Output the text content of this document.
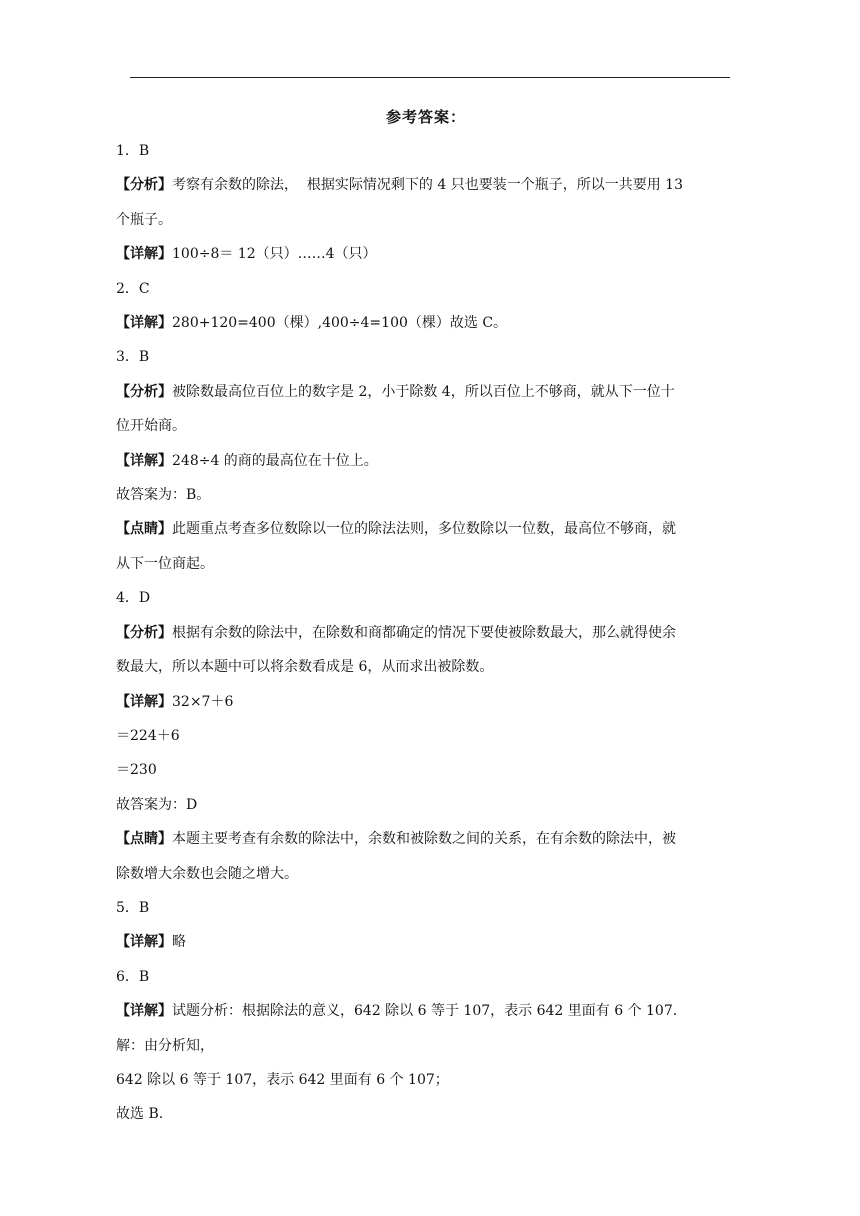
参考答案：
1．B
【分析】考察有余数的除法，  根据实际情况剩下的 4 只也要装一个瓶子，所以一共要用 13
个瓶子。
【详解】100÷8＝ 12（只）……4（只）
2．C
【详解】280+120=400（棵）,400÷4=100（棵）故选 C。
3．B
【分析】被除数最高位百位上的数字是 2，小于除数 4，所以百位上不够商，就从下一位十
位开始商。
【详解】248÷4 的商的最高位在十位上。
故答案为：B。
【点睛】此题重点考查多位数除以一位的除法法则，多位数除以一位数，最高位不够商，就
从下一位商起。
4．D
【分析】根据有余数的除法中，在除数和商都确定的情况下要使被除数最大，那么就得使余
数最大，所以本题中可以将余数看成是 6，从而求出被除数。
【详解】32×7＋6
＝224＋6
＝230
故答案为：D
【点睛】本题主要考查有余数的除法中，余数和被除数之间的关系，在有余数的除法中，被
除数增大余数也会随之增大。
5．B
【详解】略
6．B
【详解】试题分析：根据除法的意义，642 除以 6 等于 107，表示 642 里面有 6 个 107.
解：由分析知，
642 除以 6 等于 107，表示 642 里面有 6 个 107；
故选 B.
